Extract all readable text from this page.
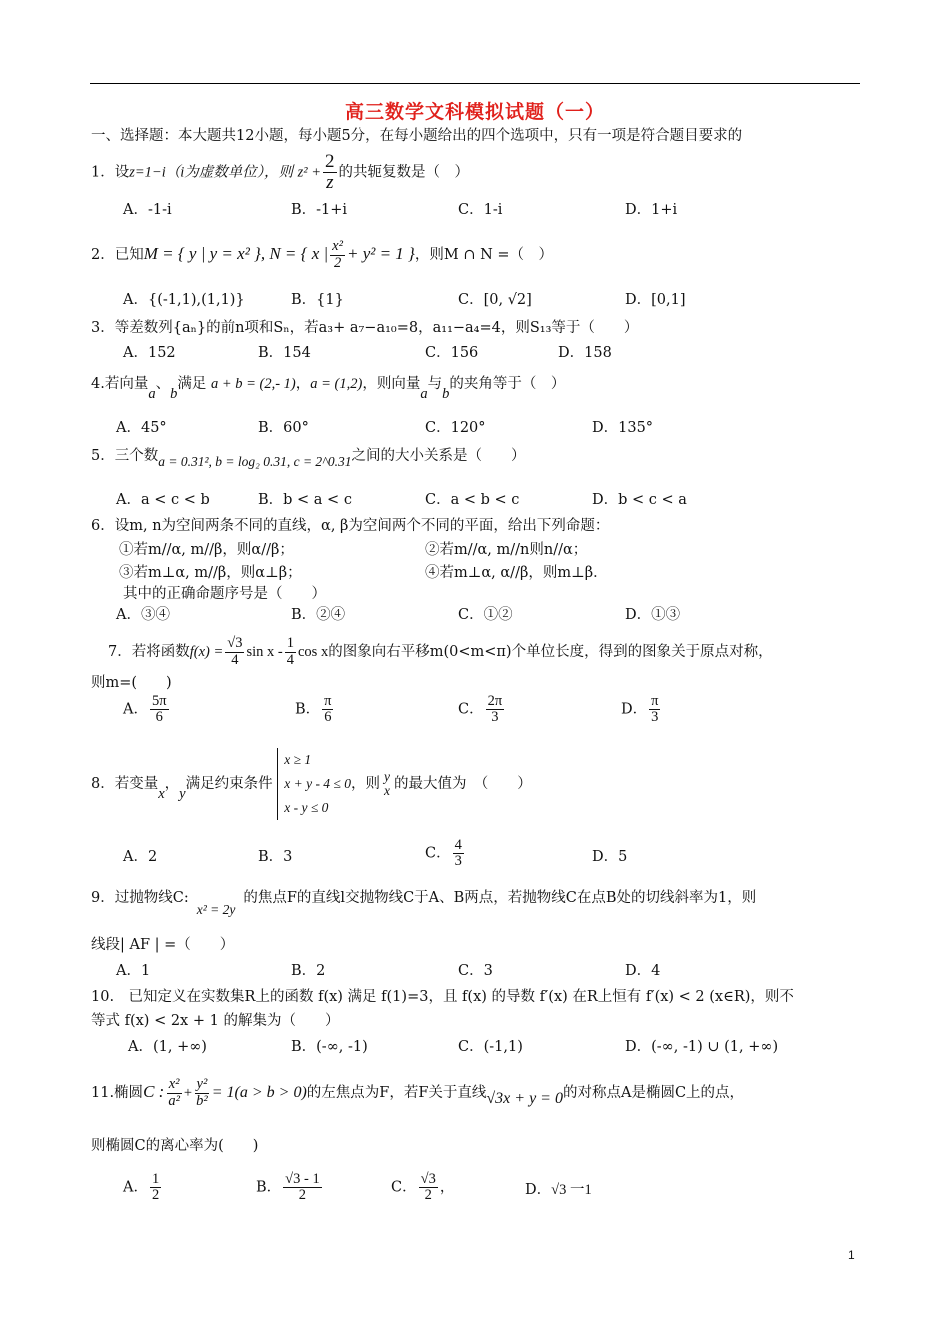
高三数学文科模拟试题（一）
一、选择题：本大题共12小题，每小题5分，在每小题给出的四个选项中，只有一项是符合题目要求的
1．设z=1−i（i为虚数单位），则 $z^2 + \frac{2}{z}$ 的共轭复数是（　）
A．-1-i	B．-1+i	C．1-i	D．1+i
2．已知M = { y | y = x² }, N = { x | $\frac{\text{x²}}{2} + y^2 = 1$ }，则M ∩ N =（　）
A．{(-1,1),(1,1)}	B．{1}	C．[0, √2]	D．[0,1]
3．等差数列{aₙ}的前n项和Sₙ，若a₃+ a₇−a₁₀=8，a₁₁−a₄=4，则S₁₃等于（　　）
A．152	B．154	C．156	D．158
4.若向量a、b满足 a + b = (2,- 1)，a = (1,2)，则向量a与b的夹角等于（　）
A．45°	B．60°	C．120°	D．135°
5．三个数a = 0.31², b = log₂ 0.31, c = 2^0.31之间的大小关系是（　　）
A．a < c < b	B．b < a < c	C．a < b < c	D．b < c < a
6．设m, n为空间两条不同的直线，α, β为空间两个不同的平面，给出下列命题：
①若m//α, m//β，则α//β；	②若m//α, m//n则n//α；
③若m⊥α, m//β，则α⊥β；	④若m⊥α, α//β，则m⊥β．
其中的正确命题序号是（　　）
A．③④	B．②④	C．①②	D．①③
7．若将函数$f(x) = \frac{√3}{4}$ sin x - $\frac{1}{4}$ cos x的图象向右平移m(0<m<π)个单位长度，得到的图象关于原点对称，
则m=(　　)
A． $\frac{5\pi}{6}$	B． $\frac{\pi}{6}$	C． $\frac{2\pi}{3}$	D． $\frac{\pi}{3}$
8．若变量x，y满足约束条件
x ≥ 1
x + y - 4 ≤ 0
x - y ≤ 0
，则 y
x 的最大值为　（　　）
A．2	B．3	C． $\frac{4}{3}$	D．5
9．过抛物线C:x² = 2y的焦点F的直线l交抛物线C于A、B两点，若抛物线C在点B处的切线斜率为1，则
线段| AF | =（　　）
A．1	B．2	C．3	D．4
10.　已知定义在实数集R上的函数 f(x) 满足 f(1)=3，且 f(x) 的导数 f′(x) 在R上恒有 f′(x) < 2 (x∈R)，则不
等式 f(x) < 2x + 1 的解集为（　　）
A．(1, +∞)	B．(-∞, -1)	C．(-1,1)	D．(-∞, -1) ∪ (1, +∞)
11.椭圆C : $\frac{\text{x²}}{\text{a²}} + \frac{\text{y²}}{\text{b²}} = 1(a > b > 0)$的左焦点为F，若F关于直线√3x + y = 0的对称点A是椭圆C上的点，
则椭圆C的离心率为(　　)
A． $\frac{1}{2}$	B． $\frac{√3 - 1}{2}$	C． $\frac{√3}{2}$ ，	D．√3 一1
1
